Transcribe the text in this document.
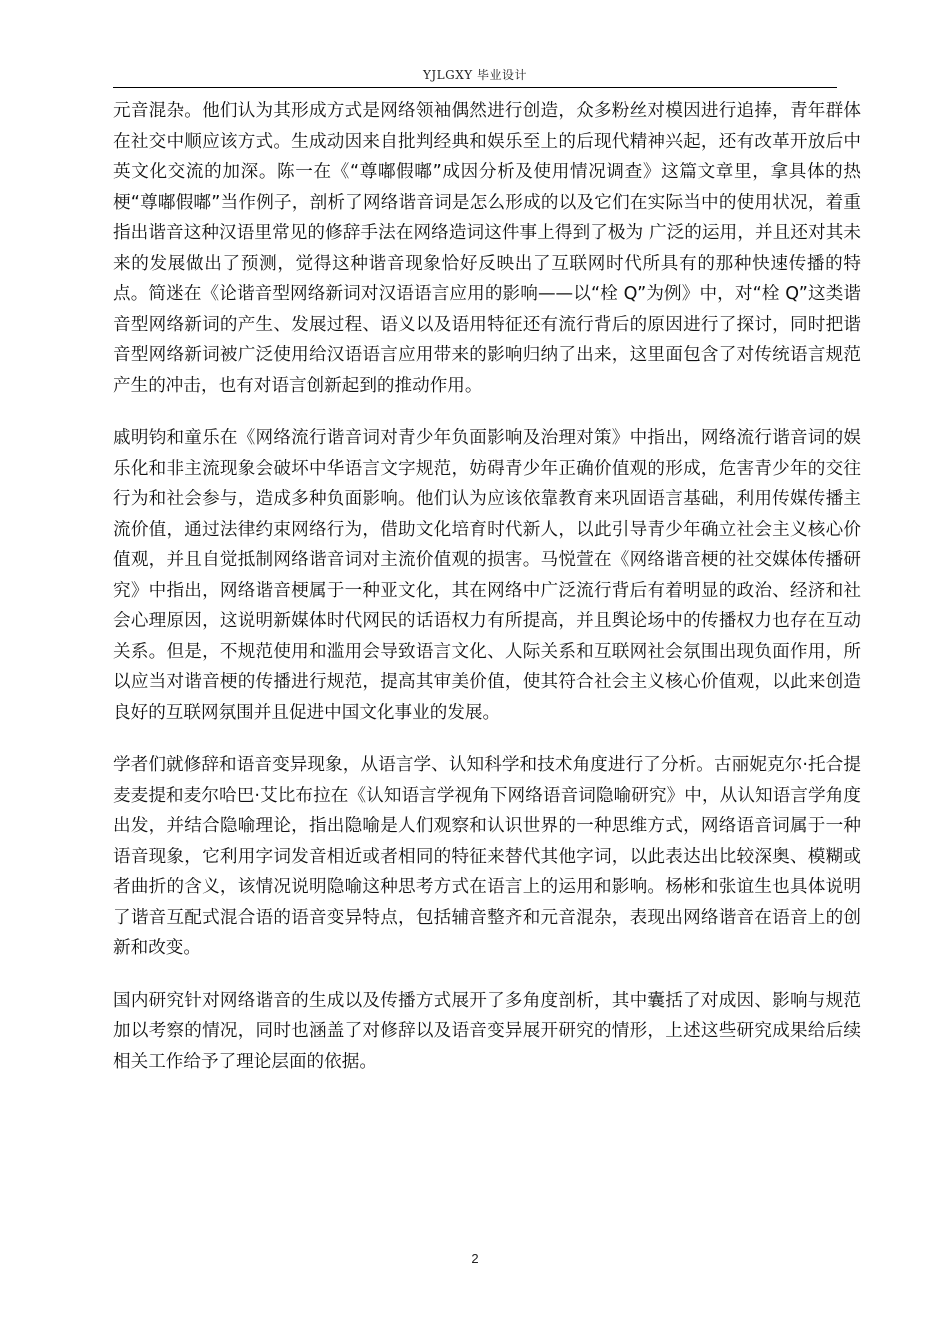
YJLGXY 毕业设计

元音混杂。他们认为其形成方式是网络领袖偶然进行创造，众多粉丝对模因进行追捧，青年群体在社交中顺应该方式。生成动因来自批判经典和娱乐至上的后现代精神兴起，还有改革开放后中英文化交流的加深。陈一在《“尊嘟假嘟”成因分析及使用情况调查》这篇文章里，拿具体的热梗“尊嘟假嘟”当作例子，剖析了网络谐音词是怎么形成的以及它们在实际当中的使用状况，着重指出谐音这种汉语里常见的修辞手法在网络造词这件事上得到了极为 广泛的运用，并且还对其未来的发展做出了预测，觉得这种谐音现象恰好反映出了互联网时代所具有的那种快速传播的特点。简迷在《论谐音型网络新词对汉语语言应用的影响——以“栓 Q”为例》中，对“栓 Q”这类谐音型网络新词的产生、发展过程、语义以及语用特征还有流行背后的原因进行了探讨，同时把谐音型网络新词被广泛使用给汉语语言应用带来的影响归纳了出来，这里面包含了对传统语言规范产生的冲击，也有对语言创新起到的推动作用。

戚明钧和童乐在《网络流行谐音词对青少年负面影响及治理对策》中指出，网络流行谐音词的娱乐化和非主流现象会破坏中华语言文字规范，妨碍青少年正确价值观的形成，危害青少年的交往行为和社会参与，造成多种负面影响。他们认为应该依靠教育来巩固语言基础，利用传媒传播主流价值，通过法律约束网络行为，借助文化培育时代新人，以此引导青少年确立社会主义核心价值观，并且自觉抵制网络谐音词对主流价值观的损害。马悦萱在《网络谐音梗的社交媒体传播研究》中指出，网络谐音梗属于一种亚文化，其在网络中广泛流行背后有着明显的政治、经济和社会心理原因，这说明新媒体时代网民的话语权力有所提高，并且舆论场中的传播权力也存在互动关系。但是，不规范使用和滥用会导致语言文化、人际关系和互联网社会氛围出现负面作用，所以应当对谐音梗的传播进行规范，提高其审美价值，使其符合社会主义核心价值观，以此来创造良好的互联网氛围并且促进中国文化事业的发展。

学者们就修辞和语音变异现象，从语言学、认知科学和技术角度进行了分析。古丽妮克尔·托合提麦麦提和麦尔哈巴·艾比布拉在《认知语言学视角下网络语音词隐喻研究》中，从认知语言学角度出发，并结合隐喻理论，指出隐喻是人们观察和认识世界的一种思维方式，网络语音词属于一种语音现象，它利用字词发音相近或者相同的特征来替代其他字词，以此表达出比较深奥、模糊或者曲折的含义，该情况说明隐喻这种思考方式在语言上的运用和影响。杨彬和张谊生也具体说明了谐音互配式混合语的语音变异特点，包括辅音整齐和元音混杂，表现出网络谐音在语音上的创新和改变。

国内研究针对网络谐音的生成以及传播方式展开了多角度剖析，其中囊括了对成因、影响与规范加以考察的情况，同时也涵盖了对修辞以及语音变异展开研究的情形，上述这些研究成果给后续相关工作给予了理论层面的依据。

2
